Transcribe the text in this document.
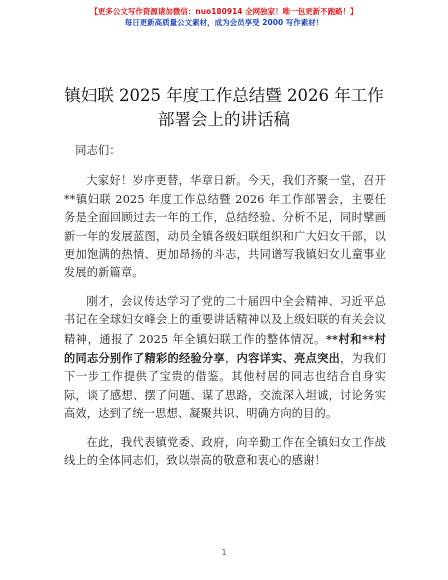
【更多公文写作资源请加微信：nuo180914 全网独家！唯一包更新不跑路！】
每日更新高质量公文素材，成为会员享受 2000 写作素材！
镇妇联 2025 年度工作总结暨 2026 年工作部署会上的讲话稿

同志们：

大家好！岁序更替，华章日新。今天，我们齐聚一堂，召开**镇妇联 2025 年度工作总结暨 2026 年工作部署会，主要任务是全面回顾过去一年的工作，总结经验、分析不足，同时擘画新一年的发展蓝图，动员全镇各级妇联组织和广大妇女干部，以更加饱满的热情、更加昂扬的斗志，共同谱写我镇妇女儿童事业发展的新篇章。

刚才，会议传达学习了党的二十届四中全会精神、习近平总书记在全球妇女峰会上的重要讲话精神以及上级妇联的有关会议精神，通报了 2025 年全镇妇联工作的整体情况。**村和**村的同志分别作了精彩的经验分享，内容详实、亮点突出，为我们下一步工作提供了宝贵的借鉴。其他村居的同志也结合自身实际，谈了感想、摆了问题、谋了思路，交流深入坦诚，讨论务实高效，达到了统一思想、凝聚共识、明确方向的目的。

在此，我代表镇党委、政府，向辛勤工作在全镇妇女工作战线上的全体同志们，致以崇高的敬意和衷心的感谢！

1
